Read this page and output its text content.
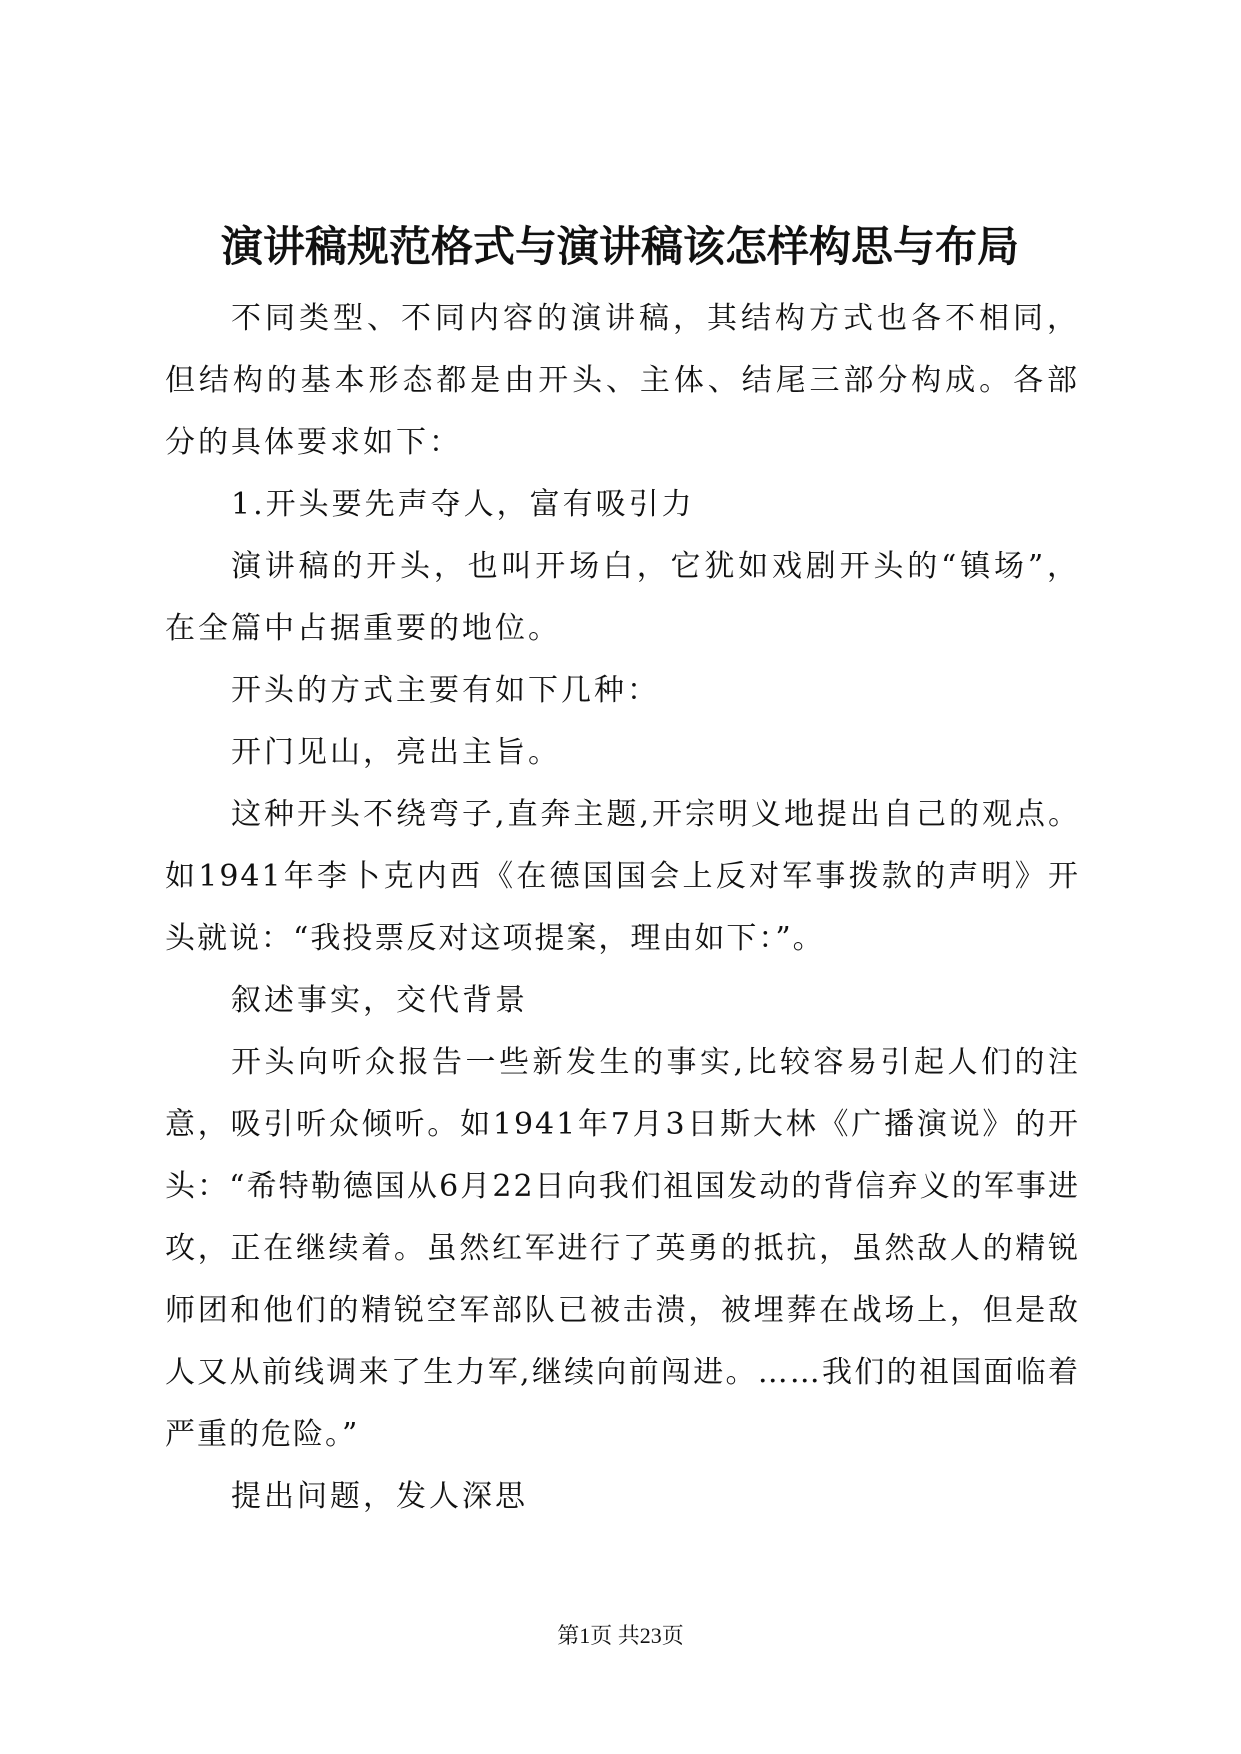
演讲稿规范格式与演讲稿该怎样构思与布局

不同类型、不同内容的演讲稿，其结构方式也各不相同，但结构的基本形态都是由开头、主体、结尾三部分构成。各部分的具体要求如下：

1.开头要先声夺人，富有吸引力

演讲稿的开头，也叫开场白，它犹如戏剧开头的“镇场”，在全篇中占据重要的地位。

开头的方式主要有如下几种：

开门见山，亮出主旨。

这种开头不绕弯子,直奔主题,开宗明义地提出自己的观点。如1941年李卜克内西《在德国国会上反对军事拨款的声明》开头就说：“我投票反对这项提案，理由如下：”。

叙述事实，交代背景

开头向听众报告一些新发生的事实,比较容易引起人们的注意，吸引听众倾听。如1941年7月3日斯大林《广播演说》的开头：“希特勒德国从6月22日向我们祖国发动的背信弃义的军事进攻，正在继续着。虽然红军进行了英勇的抵抗，虽然敌人的精锐师团和他们的精锐空军部队已被击溃，被埋葬在战场上，但是敌人又从前线调来了生力军,继续向前闯进。……我们的祖国面临着严重的危险。”

提出问题，发人深思

第1页 共23页
